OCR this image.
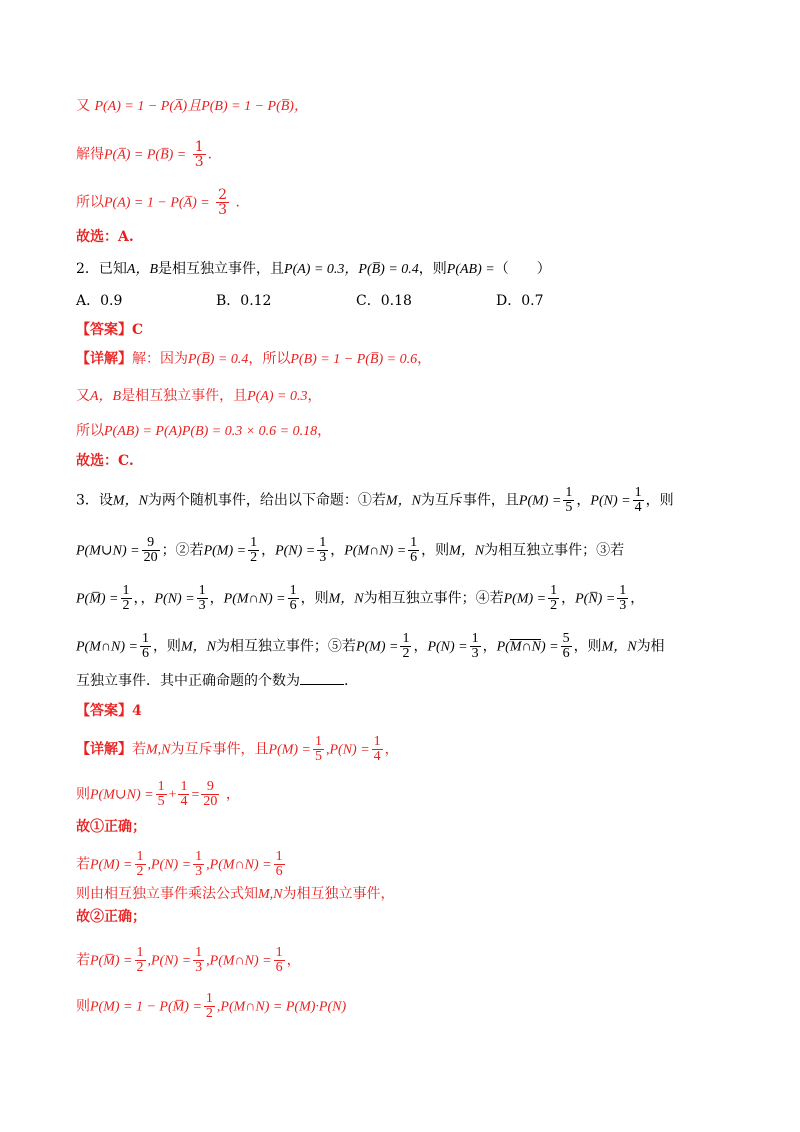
又 P(A) = 1 − P(A̅)且P(B) = 1 − P(B̅)，
解得P(A̅) = P(B̅) = $\frac{1}{3}$ .
所以P(A) = 1 − P(A̅) = $\frac{2}{3}$ .
故选：A.
2．已知A，B是相互独立事件，且P(A) = 0.3，P(B̅) = 0.4，则P(AB) =（　　）
A．0.9	B．0.12	C．0.18	D．0.7
【答案】C
【详解】解：因为P(B̅) = 0.4，所以P(B) = 1 − P(B̅) = 0.6，
又A，B是相互独立事件，且P(A) = 0.3，
所以P(AB) = P(A)P(B) = 0.3 × 0.6 = 0.18，
故选：C.
3．设M，N为两个随机事件，给出以下命题：①若M，N为互斥事件，且$P(M) = \frac{1}{5}$ ，$P(N) = \frac{1}{4}$ ，则
P(M∪N) = $\frac{9}{20}$ ；②若$P(M) = \frac{1}{2}$ ，$P(N) = \frac{1}{3}$ ，P(M∩N) = $\frac{1}{6}$ ，则M，N为相互独立事件；③若
P(M̅) = $\frac{1}{2}$ ，，$P(N) = \frac{1}{3}$ ，P(M∩N) = $\frac{1}{6}$ ，则M，N为相互独立事件；④若$P(M) = \frac{1}{2}$ ，P(N̅) = $\frac{1}{3}$ ，
P(M∩N) = $\frac{1}{6}$ ，则M，N为相互独立事件；⑤若$P(M) = \frac{1}{2}$ ，$P(N) = \frac{1}{3}$ ，P(M∩N) = $\frac{5}{6}$ ，则M，N为相
互独立事件．其中正确命题的个数为	.
【答案】4
【详解】若M,N为互斥事件，且$P(M) = \frac{1}{5} ,P(N) = \frac{1}{4}$ ，
则P(M∪N) = $\frac{1}{5} + \frac{1}{4} = \frac{9}{20}$ ，
故①正确；
若$P(M) = \frac{1}{2} ,P(N) = \frac{1}{3}$ ,P(M∩N) = $\frac{1}{6}$
则由相互独立事件乘法公式知M,N为相互独立事件，
故②正确；
若P(M̅) = $\frac{1}{2} ,P(N) = \frac{1}{3}$ ,P(M∩N) = $\frac{1}{6}$ ，
则P(M) = 1 − P(M̅) = $\frac{1}{2}$ ,P(M∩N) = P(M)·P(N)
